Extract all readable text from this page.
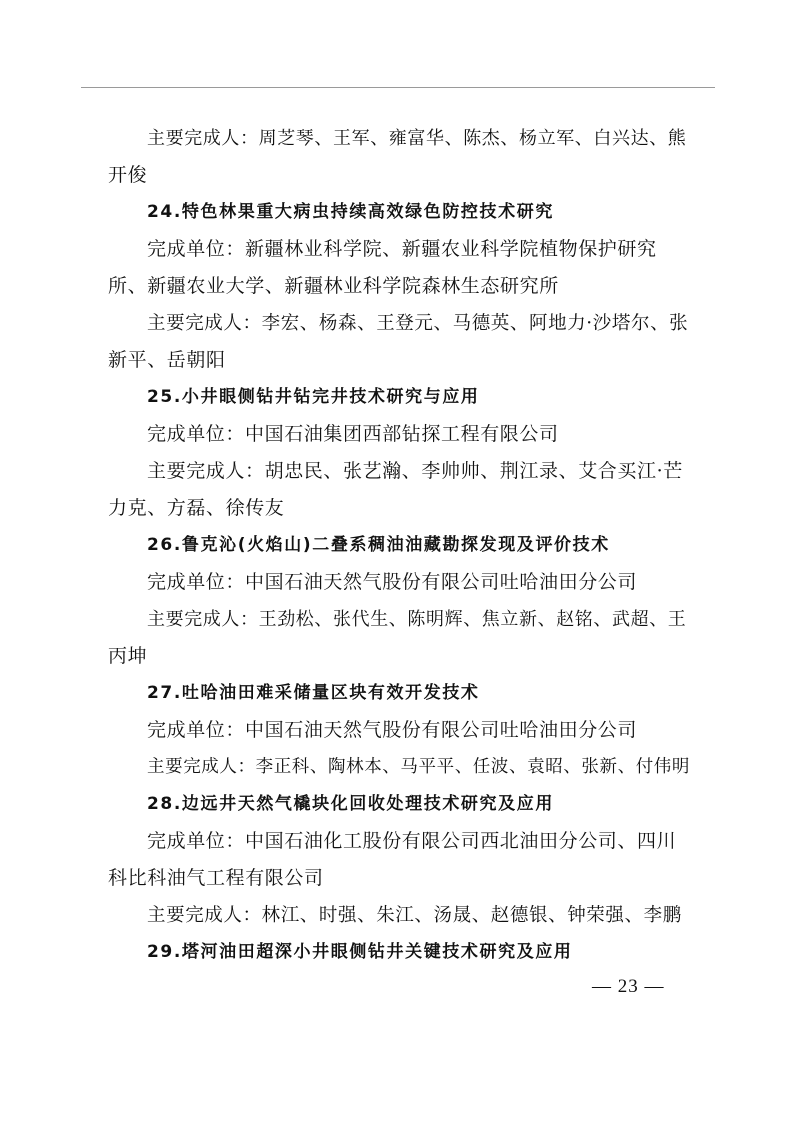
主要完成人：周芝琴、王军、雍富华、陈杰、杨立军、白兴达、熊
开俊
24.特色林果重大病虫持续高效绿色防控技术研究
完成单位：新疆林业科学院、新疆农业科学院植物保护研究
所、新疆农业大学、新疆林业科学院森林生态研究所
主要完成人：李宏、杨森、王登元、马德英、阿地力·沙塔尔、张
新平、岳朝阳
25.小井眼侧钻井钻完井技术研究与应用
完成单位：中国石油集团西部钻探工程有限公司
主要完成人：胡忠民、张艺瀚、李帅帅、荆江录、艾合买江·芒
力克、方磊、徐传友
26.鲁克沁(火焰山)二叠系稠油油藏勘探发现及评价技术
完成单位：中国石油天然气股份有限公司吐哈油田分公司
主要完成人：王劲松、张代生、陈明辉、焦立新、赵铭、武超、王
丙坤
27.吐哈油田难采储量区块有效开发技术
完成单位：中国石油天然气股份有限公司吐哈油田分公司
主要完成人：李正科、陶林本、马平平、任波、袁昭、张新、付伟明
28.边远井天然气橇块化回收处理技术研究及应用
完成单位：中国石油化工股份有限公司西北油田分公司、四川
科比科油气工程有限公司
主要完成人：林江、时强、朱江、汤晟、赵德银、钟荣强、李鹏
29.塔河油田超深小井眼侧钻井关键技术研究及应用
— 23 —
